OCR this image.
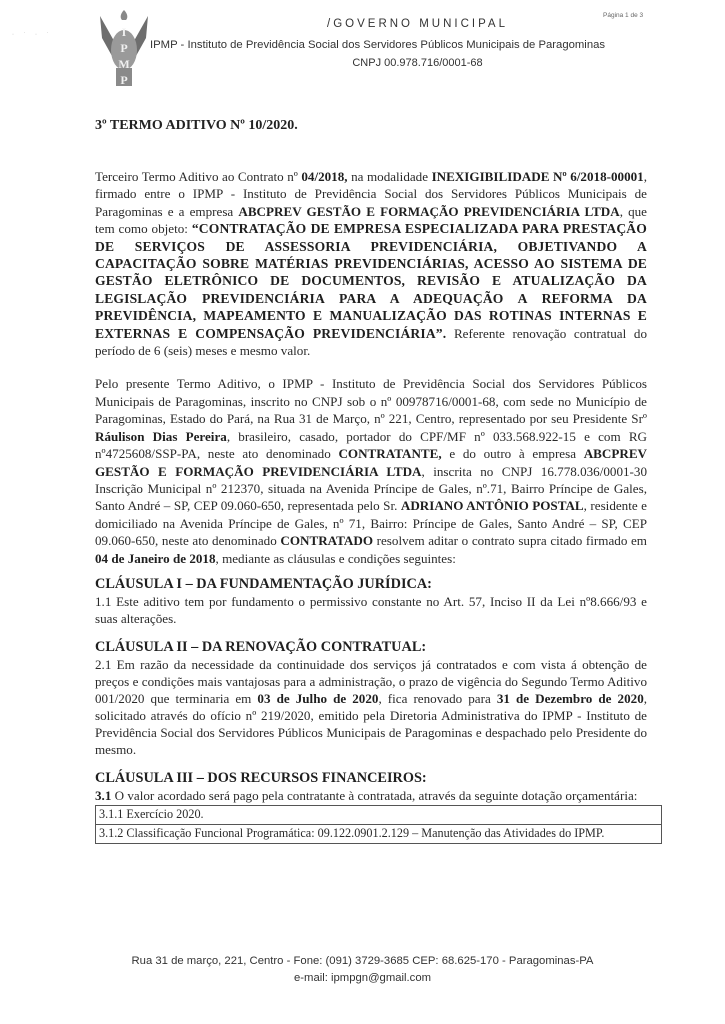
I
P
M
P
· ˙ · ˙
/GOVERNO MUNICIPAL
IPMP - Instituto de Previdência Social dos Servidores Públicos Municipais de Paragominas
CNPJ 00.978.716/0001-68
Página 1 de 3
3º TERMO ADITIVO Nº 10/2020.

Terceiro Termo Aditivo ao Contrato nº 04/2018, na modalidade INEXIGIBILIDADE Nº 6/2018-00001, firmado entre o IPMP - Instituto de Previdência Social dos Servidores Públicos Municipais de Paragominas e a empresa ABCPREV GESTÃO E FORMAÇÃO PREVIDENCIÁRIA LTDA, que tem como objeto: “CONTRATAÇÃO DE EMPRESA ESPECIALIZADA PARA PRESTAÇÃO DE SERVIÇOS DE ASSESSORIA PREVIDENCIÁRIA, OBJETIVANDO A CAPACITAÇÃO SOBRE MATÉRIAS PREVIDENCIÁRIAS, ACESSO AO SISTEMA DE GESTÃO ELETRÔNICO DE DOCUMENTOS, REVISÃO E ATUALIZAÇÃO DA LEGISLAÇÃO PREVIDENCIÁRIA PARA A ADEQUAÇÃO A REFORMA DA PREVIDÊNCIA, MAPEAMENTO E MANUALIZAÇÃO DAS ROTINAS INTERNAS E EXTERNAS E COMPENSAÇÃO PREVIDENCIÁRIA”. Referente renovação contratual do período de 6 (seis) meses e mesmo valor.

Pelo presente Termo Aditivo, o IPMP - Instituto de Previdência Social dos Servidores Públicos Municipais de Paragominas, inscrito no CNPJ sob o nº 00978716/0001-68, com sede no Município de Paragominas, Estado do Pará, na Rua 31 de Março, nº 221, Centro, representado por seu Presidente Srº Ráulison Dias Pereira, brasileiro, casado, portador do CPF/MF nº 033.568.922-15 e com RG nº4725608/SSP-PA, neste ato denominado CONTRATANTE, e do outro à empresa ABCPREV GESTÃO E FORMAÇÃO PREVIDENCIÁRIA LTDA, inscrita no CNPJ 16.778.036/0001-30 Inscrição Municipal nº 212370, situada na Avenida Príncipe de Gales, nº.71, Bairro Príncipe de Gales, Santo André – SP, CEP 09.060-650, representada pelo Sr. ADRIANO ANTÔNIO POSTAL, residente e domiciliado na Avenida Príncipe de Gales, nº 71, Bairro: Príncipe de Gales, Santo André – SP, CEP 09.060-650, neste ato denominado CONTRATADO resolvem aditar o contrato supra citado firmado em 04 de Janeiro de 2018, mediante as cláusulas e condições seguintes:

CLÁUSULA I – DA FUNDAMENTAÇÃO JURÍDICA:
1.1 Este aditivo tem por fundamento o permissivo constante no Art. 57, Inciso II da Lei nº8.666/93 e suas alterações.
CLÁUSULA II – DA RENOVAÇÃO CONTRATUAL:
2.1 Em razão da necessidade da continuidade dos serviços já contratados e com vista á obtenção de preços e condições mais vantajosas para a administração, o prazo de vigência do Segundo Termo Aditivo 001/2020 que terminaria em 03 de Julho de 2020, fica renovado para 31 de Dezembro de 2020, solicitado através do ofício nº 219/2020, emitido pela Diretoria Administrativa do IPMP - Instituto de Previdência Social dos Servidores Públicos Municipais de Paragominas e despachado pelo Presidente do mesmo.
CLÁUSULA III – DOS RECURSOS FINANCEIROS:
3.1 O valor acordado será pago pela contratante à contratada, através da seguinte dotação orçamentária:
3.1.1 Exercício 2020.
3.1.2 Classificação Funcional Programática: 09.122.0901.2.129 – Manutenção das Atividades do IPMP.
Rua 31 de março, 221, Centro - Fone: (091) 3729-3685 CEP: 68.625-170 - Paragominas-PA
e-mail: ipmpgn@gmail.com
